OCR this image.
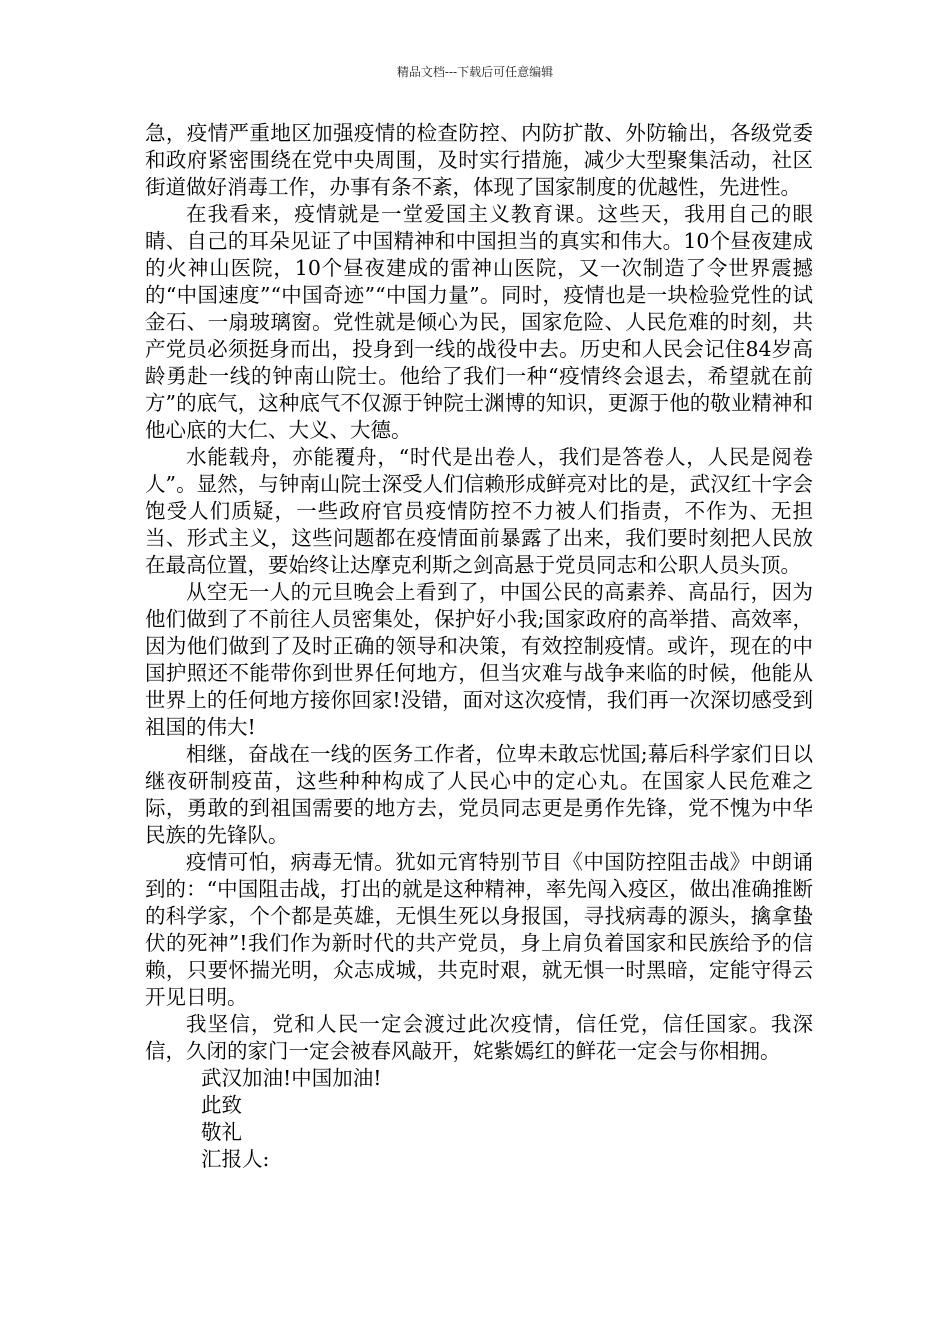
精品文档---下载后可任意编辑

急，疫情严重地区加强疫情的检查防控、内防扩散、外防输出，各级党委和政府紧密围绕在党中央周围，及时实行措施，减少大型聚集活动，社区街道做好消毒工作，办事有条不紊，体现了国家制度的优越性，先进性。

在我看来，疫情就是一堂爱国主义教育课。这些天，我用自己的眼睛、自己的耳朵见证了中国精神和中国担当的真实和伟大。10个昼夜建成的火神山医院，10个昼夜建成的雷神山医院，又一次制造了令世界震撼的“中国速度”“中国奇迹”“中国力量”。同时，疫情也是一块检验党性的试金石、一扇玻璃窗。党性就是倾心为民，国家危险、人民危难的时刻，共产党员必须挺身而出，投身到一线的战役中去。历史和人民会记住84岁高龄勇赴一线的钟南山院士。他给了我们一种“疫情终会退去，希望就在前方”的底气，这种底气不仅源于钟院士渊博的知识，更源于他的敬业精神和他心底的大仁、大义、大德。

水能载舟，亦能覆舟，“时代是出卷人，我们是答卷人，人民是阅卷人”。显然，与钟南山院士深受人们信赖形成鲜亮对比的是，武汉红十字会饱受人们质疑，一些政府官员疫情防控不力被人们指责，不作为、无担当、形式主义，这些问题都在疫情面前暴露了出来，我们要时刻把人民放在最高位置，要始终让达摩克利斯之剑高悬于党员同志和公职人员头顶。

从空无一人的元旦晚会上看到了，中国公民的高素养、高品行，因为他们做到了不前往人员密集处，保护好小我;国家政府的高举措、高效率，因为他们做到了及时正确的领导和决策，有效控制疫情。或许，现在的中国护照还不能带你到世界任何地方，但当灾难与战争来临的时候，他能从世界上的任何地方接你回家!没错，面对这次疫情，我们再一次深切感受到祖国的伟大!

相继，奋战在一线的医务工作者，位卑未敢忘忧国;幕后科学家们日以继夜研制疫苗，这些种种构成了人民心中的定心丸。在国家人民危难之际，勇敢的到祖国需要的地方去，党员同志更是勇作先锋，党不愧为中华民族的先锋队。

疫情可怕，病毒无情。犹如元宵特别节目《中国防控阻击战》中朗诵到的：“中国阻击战，打出的就是这种精神，率先闯入疫区，做出准确推断的科学家，个个都是英雄，无惧生死以身报国，寻找病毒的源头，擒拿蛰伏的死神”!我们作为新时代的共产党员，身上肩负着国家和民族给予的信赖，只要怀揣光明，众志成城，共克时艰，就无惧一时黑暗，定能守得云开见日明。

我坚信，党和人民一定会渡过此次疫情，信任党，信任国家。我深信，久闭的家门一定会被春风敲开，姹紫嫣红的鲜花一定会与你相拥。

武汉加油!中国加油!

此致

敬礼

汇报人:
